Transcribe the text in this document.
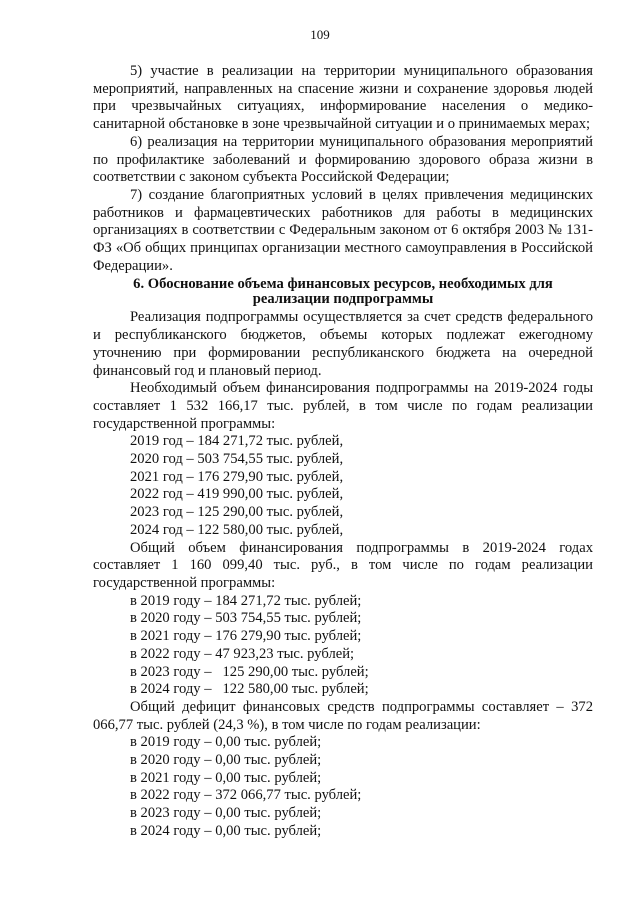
109

5) участие в реализации на территории муниципального образования мероприятий, направленных на спасение жизни и сохранение здоровья людей при чрезвычайных ситуациях, информирование населения о медико-санитарной обстановке в зоне чрезвычайной ситуации и о принимаемых мерах;

6) реализация на территории муниципального образования мероприятий по профилактике заболеваний и формированию здорового образа жизни в соответствии с законом субъекта Российской Федерации;

7) создание благоприятных условий в целях привлечения медицинских работников и фармацевтических работников для работы в медицинских организациях в соответствии с Федеральным законом от 6 октября 2003 № 131-ФЗ «Об общих принципах организации местного самоуправления в Российской Федерации».

6. Обоснование объема финансовых ресурсов, необходимых для реализации подпрограммы

Реализация подпрограммы осуществляется за счет средств федерального и республиканского бюджетов, объемы которых подлежат ежегодному уточнению при формировании республиканского бюджета на очередной финансовый год и плановый период.

Необходимый объем финансирования подпрограммы на 2019-2024 годы составляет 1 532 166,17 тыс. рублей, в том числе по годам реализации государственной программы:

2019 год – 184 271,72 тыс. рублей,

2020 год – 503 754,55 тыс. рублей,

2021 год – 176 279,90 тыс. рублей,

2022 год – 419 990,00 тыс. рублей,

2023 год – 125 290,00 тыс. рублей,

2024 год – 122 580,00 тыс. рублей,

Общий объем финансирования подпрограммы в 2019-2024 годах составляет 1 160 099,40 тыс. руб., в том числе по годам реализации государственной программы:

в 2019 году – 184 271,72 тыс. рублей;

в 2020 году – 503 754,55 тыс. рублей;

в 2021 году – 176 279,90 тыс. рублей;

в 2022 году – 47 923,23 тыс. рублей;

в 2023 году –   125 290,00 тыс. рублей;

в 2024 году –   122 580,00 тыс. рублей;

Общий дефицит финансовых средств подпрограммы составляет – 372 066,77 тыс. рублей (24,3 %), в том числе по годам реализации:

в 2019 году – 0,00 тыс. рублей;

в 2020 году – 0,00 тыс. рублей;

в 2021 году – 0,00 тыс. рублей;

в 2022 году – 372 066,77 тыс. рублей;

в 2023 году – 0,00 тыс. рублей;

в 2024 году – 0,00 тыс. рублей;
